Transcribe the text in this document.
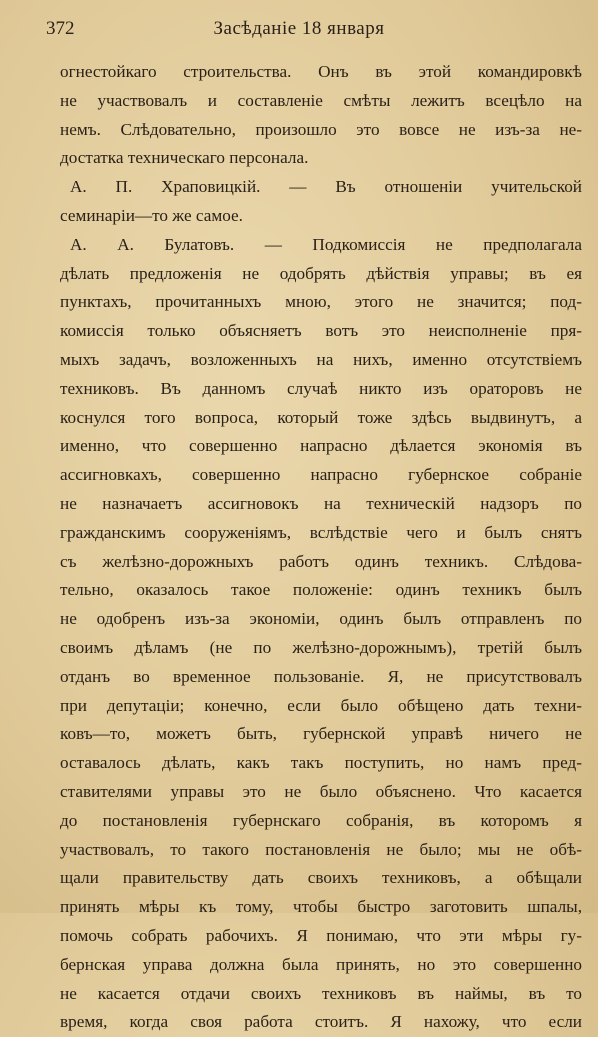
372	Засѣданіе 18 января
огнестойкаго строительства. Онъ въ этой командировкѣ
не участвовалъ и составленіе смѣты лежитъ всецѣло на
немъ. Слѣдовательно, произошло это вовсе не изъ-за не-
достатка техническаго персонала.
А. П. Храповицкій. — Въ отношеніи учительской
семинаріи—то же самое.
А. А. Булатовъ. — Подкомиссія не предполагала
дѣлать предложенія не одобрять дѣйствія управы; въ ея
пунктахъ, прочитанныхъ мною, этого не значится; под-
комиссія только объясняетъ вотъ это неисполненіе пря-
мыхъ задачъ, возложенныхъ на нихъ, именно отсутствіемъ
техниковъ. Въ данномъ случаѣ никто изъ ораторовъ не
коснулся того вопроса, который тоже здѣсь выдвинутъ, а
именно, что совершенно напрасно дѣлается экономія въ
ассигновкахъ, совершенно напрасно губернское собраніе
не назначаетъ ассигновокъ на техническій надзоръ по
гражданскимъ сооруженіямъ, вслѣдствіе чего и былъ снятъ
съ желѣзно-дорожныхъ работъ одинъ техникъ. Слѣдова-
тельно, оказалось такое положеніе: одинъ техникъ былъ
не одобренъ изъ-за экономіи, одинъ былъ отправленъ по
своимъ дѣламъ (не по желѣзно-дорожнымъ), третій былъ
отданъ во временное пользованіе. Я, не присутствовалъ
при депутаціи; конечно, если было обѣщено дать техни-
ковъ—то, можетъ быть, губернской управѣ ничего не
оставалось дѣлать, какъ такъ поступить, но намъ пред-
ставителями управы это не было объяснено. Что касается
до постановленія губернскаго собранія, въ которомъ я
участвовалъ, то такого постановленія не было; мы не обѣ-
щали правительству дать своихъ техниковъ, а обѣщали
принять мѣры къ тому, чтобы быстро заготовить шпалы,
помочь собрать рабочихъ. Я понимаю, что эти мѣры гу-
бернская управа должна была принять, но это совершенно
не касается отдачи своихъ техниковъ въ наймы, въ то
время, когда своя работа стоитъ. Я нахожу, что если
